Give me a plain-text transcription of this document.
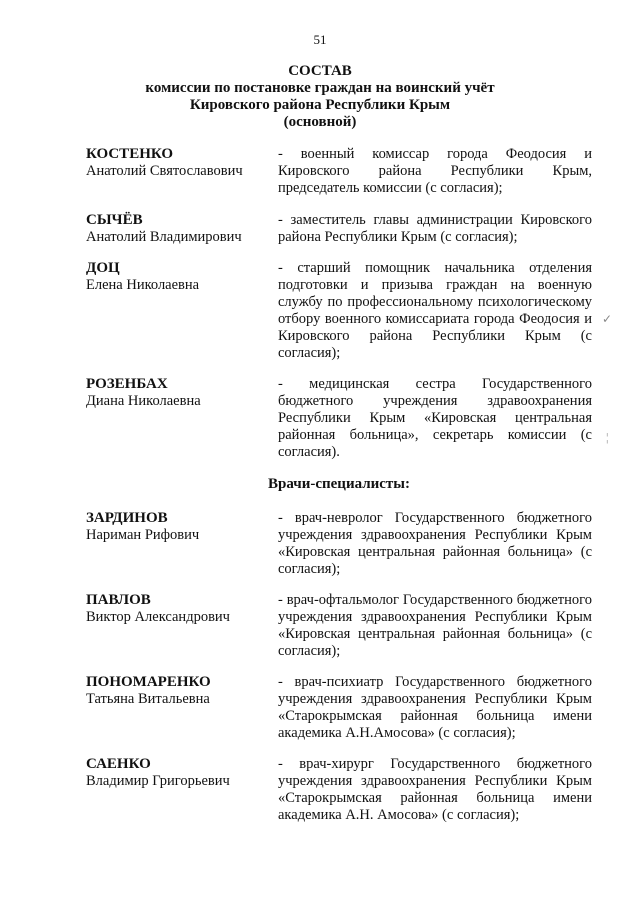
51
СОСТАВ
комиссии по постановке граждан на воинский учёт
Кировского района Республики Крым
(основной)
КОСТЕНКО
Анатолий Святославович
- военный комиссар города Феодосия и Кировского района Республики Крым, председатель комиссии (с согласия);
СЫЧЁВ
Анатолий Владимирович
- заместитель главы администрации Кировского района Республики Крым (с согласия);
ДОЦ
Елена Николаевна
- старший помощник начальника отделения подготовки и призыва граждан на военную службу по профессиональному психологическому отбору военного комиссариата города Феодосия и Кировского района Республики Крым (с согласия);
РОЗЕНБАХ
Диана Николаевна
- медицинская сестра Государственного бюджетного учреждения здравоохранения Республики Крым «Кировская центральная районная больница», секретарь комиссии (с согласия).
Врачи-специалисты:
ЗАРДИНОВ
Нариман Рифович
- врач-невролог Государственного бюджетного учреждения здравоохранения Республики Крым «Кировская центральная районная больница» (с согласия);
ПАВЛОВ
Виктор Александрович
- врач-офтальмолог Государственного бюджетного учреждения здравоохранения Республики Крым «Кировская центральная районная больница» (с согласия);
ПОНОМАРЕНКО
Татьяна Витальевна
- врач-психиатр Государственного бюджетного учреждения здравоохранения Республики Крым «Старокрымская районная больница имени академика А.Н.Амосова» (с согласия);
САЕНКО
Владимир Григорьевич
- врач-хирург Государственного бюджетного учреждения здравоохранения Республики Крым «Старокрымская районная больница имени академика А.Н. Амосова» (с согласия);
✓
¦
